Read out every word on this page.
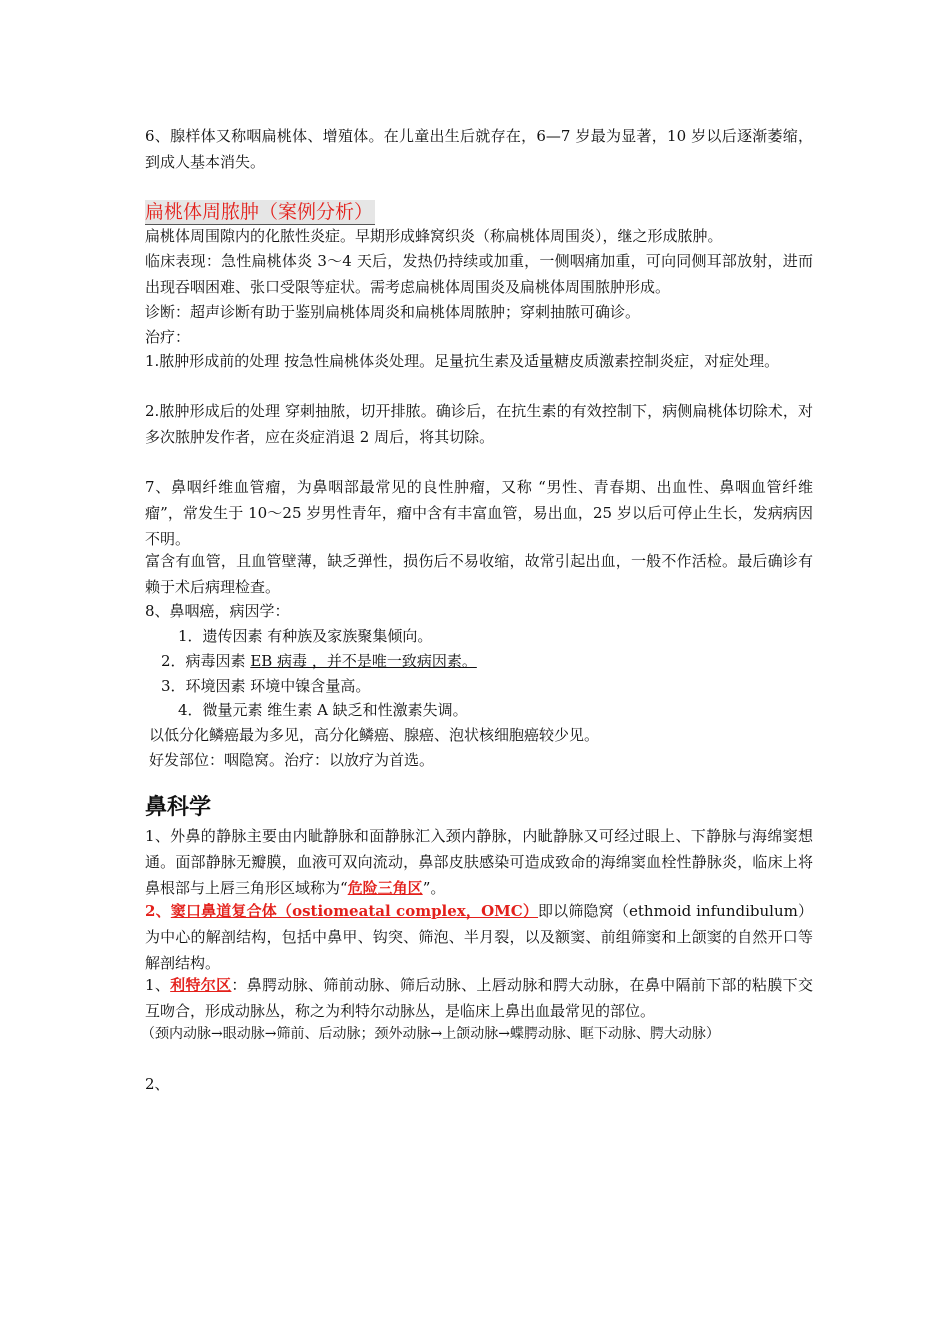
6、腺样体又称咽扁桃体、增殖体。在儿童出生后就存在，6—7 岁最为显著，10 岁以后逐渐萎缩，到成人基本消失。

扁桃体周脓肿（案例分析）

扁桃体周围隙内的化脓性炎症。早期形成蜂窝织炎（称扁桃体周围炎），继之形成脓肿。

临床表现：急性扁桃体炎 3～4 天后，发热仍持续或加重，一侧咽痛加重，可向同侧耳部放射，进而出现吞咽困难、张口受限等症状。需考虑扁桃体周围炎及扁桃体周围脓肿形成。

诊断：超声诊断有助于鉴别扁桃体周炎和扁桃体周脓肿；穿刺抽脓可确诊。

治疗：

1.脓肿形成前的处理 按急性扁桃体炎处理。足量抗生素及适量糖皮质激素控制炎症，对症处理。

2.脓肿形成后的处理 穿刺抽脓，切开排脓。确诊后，在抗生素的有效控制下，病侧扁桃体切除术，对多次脓肿发作者，应在炎症消退 2 周后，将其切除。

7、鼻咽纤维血管瘤，为鼻咽部最常见的良性肿瘤，又称 “男性、青春期、出血性、鼻咽血管纤维瘤”，常发生于 10～25 岁男性青年，瘤中含有丰富血管，易出血，25 岁以后可停止生长，发病病因不明。

富含有血管，且血管壁薄，缺乏弹性，损伤后不易收缩，故常引起出血，一般不作活检。最后确诊有赖于术后病理检查。

8、鼻咽癌，病因学：

1．遗传因素 有种族及家族聚集倾向。

2．病毒因素 EB 病毒 ，并不是唯一致病因素。

3．环境因素 环境中镍含量高。

4．微量元素 维生素 A 缺乏和性激素失调。

以低分化鳞癌最为多见，高分化鳞癌、腺癌、泡状核细胞癌较少见。

好发部位：咽隐窝。治疗：以放疗为首选。

鼻科学

1、外鼻的静脉主要由内眦静脉和面静脉汇入颈内静脉，内眦静脉又可经过眼上、下静脉与海绵窦想通。面部静脉无瓣膜，血液可双向流动，鼻部皮肤感染可造成致命的海绵窦血栓性静脉炎，临床上将鼻根部与上唇三角形区域称为“危险三角区”。

2、窦口鼻道复合体（ostiomeatal complex，OMC）即以筛隐窝（ethmoid infundibulum）为中心的解剖结构，包括中鼻甲、钩突、筛泡、半月裂，以及额窦、前组筛窦和上颌窦的自然开口等解剖结构。

1、利特尔区：鼻腭动脉、筛前动脉、筛后动脉、上唇动脉和腭大动脉，在鼻中隔前下部的粘膜下交互吻合，形成动脉丛，称之为利特尔动脉丛，是临床上鼻出血最常见的部位。

（颈内动脉→眼动脉→筛前、后动脉；颈外动脉→上颌动脉→蝶腭动脉、眶下动脉、腭大动脉）

2、
